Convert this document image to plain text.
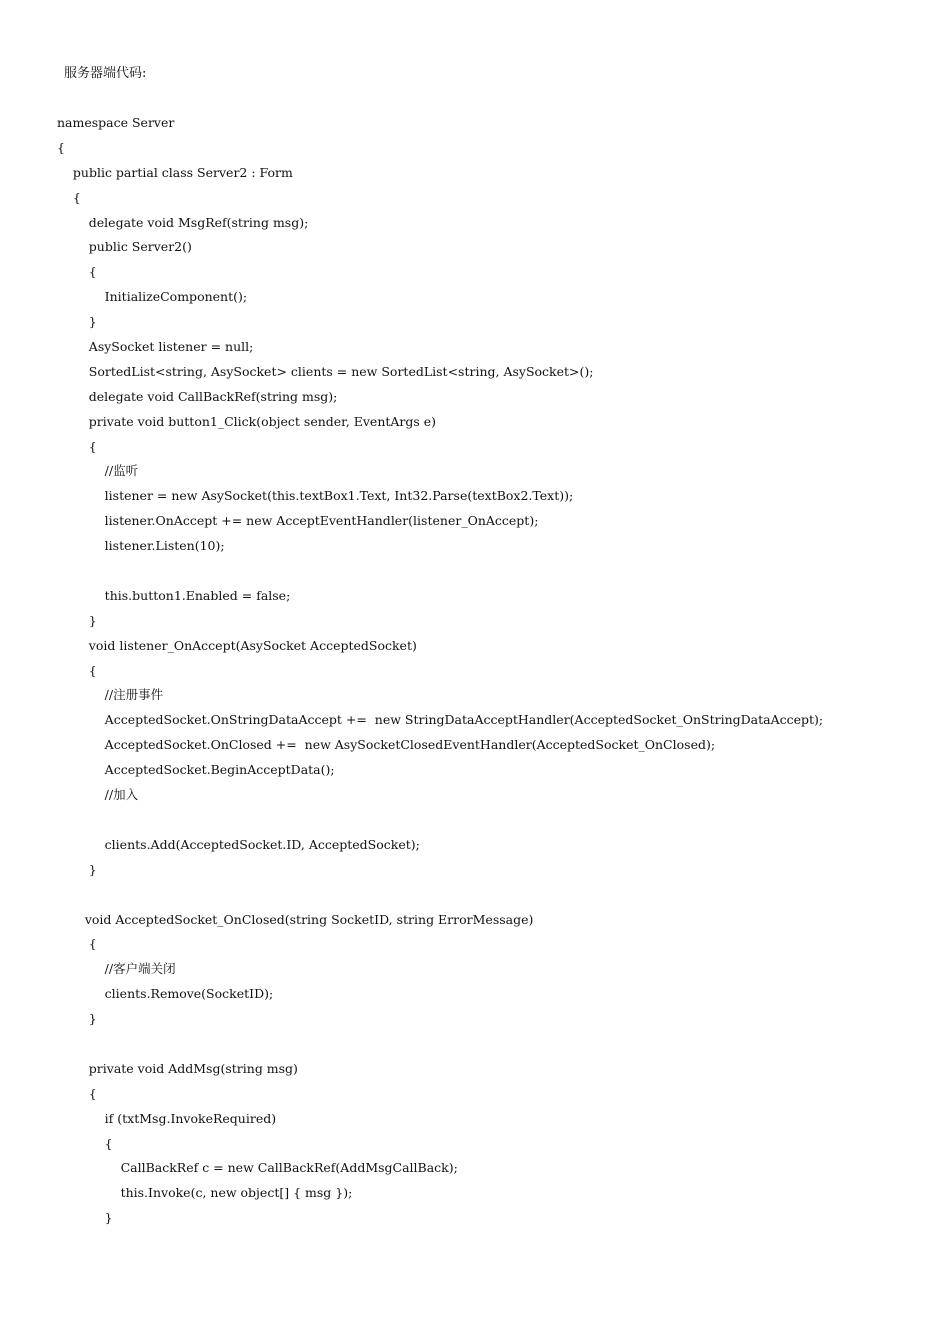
服务器端代码:
namespace Server
{
public partial class Server2 : Form
{
delegate void MsgRef(string msg);
public Server2()
{
InitializeComponent();
}
AsySocket listener = null;
SortedList<string, AsySocket> clients = new SortedList<string, AsySocket>();
delegate void CallBackRef(string msg);
private void button1_Click(object sender, EventArgs e)
{
//监听
listener = new AsySocket(this.textBox1.Text, Int32.Parse(textBox2.Text));
listener.OnAccept += new AcceptEventHandler(listener_OnAccept);
listener.Listen(10);
this.button1.Enabled = false;
}
void listener_OnAccept(AsySocket AcceptedSocket)
{
//注册事件
AcceptedSocket.OnStringDataAccept +=  new StringDataAcceptHandler(AcceptedSocket_OnStringDataAccept);
AcceptedSocket.OnClosed +=  new AsySocketClosedEventHandler(AcceptedSocket_OnClosed);
AcceptedSocket.BeginAcceptData();
//加入
clients.Add(AcceptedSocket.ID, AcceptedSocket);
}
void AcceptedSocket_OnClosed(string SocketID, string ErrorMessage)
{
//客户端关闭
clients.Remove(SocketID);
}
private void AddMsg(string msg)
{
if (txtMsg.InvokeRequired)
{
CallBackRef c = new CallBackRef(AddMsgCallBack);
this.Invoke(c, new object[] { msg });
}
